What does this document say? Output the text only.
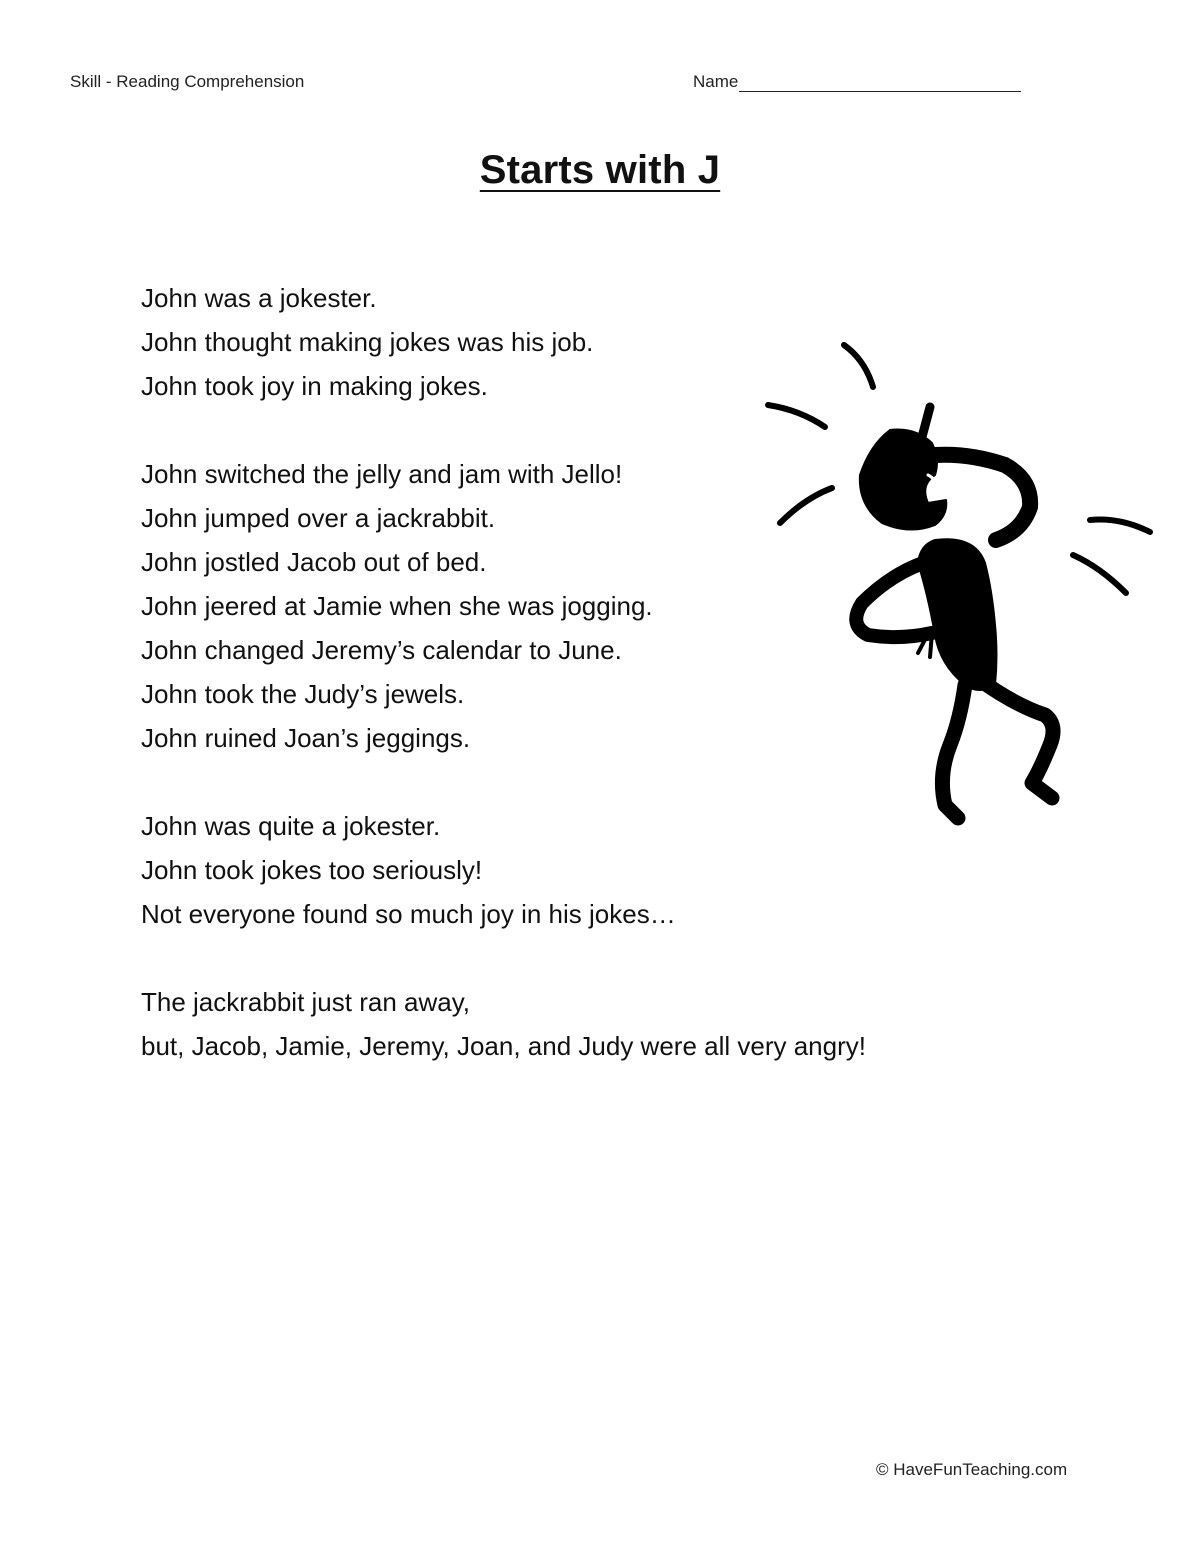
Skill - Reading Comprehension	Name
Starts with J
John was a jokester.
John thought making jokes was his job.
John took joy in making jokes.
John switched the jelly and jam with Jello!
John jumped over a jackrabbit.
John jostled Jacob out of bed.
John jeered at Jamie when she was jogging.
John changed Jeremy’s calendar to June.
John took the Judy’s jewels.
John ruined Joan’s jeggings.
John was quite a jokester.
John took jokes too seriously!
Not everyone found so much joy in his jokes…
The jackrabbit just ran away,
but, Jacob, Jamie, Jeremy, Joan, and Judy were all very angry!
© HaveFunTeaching.com
